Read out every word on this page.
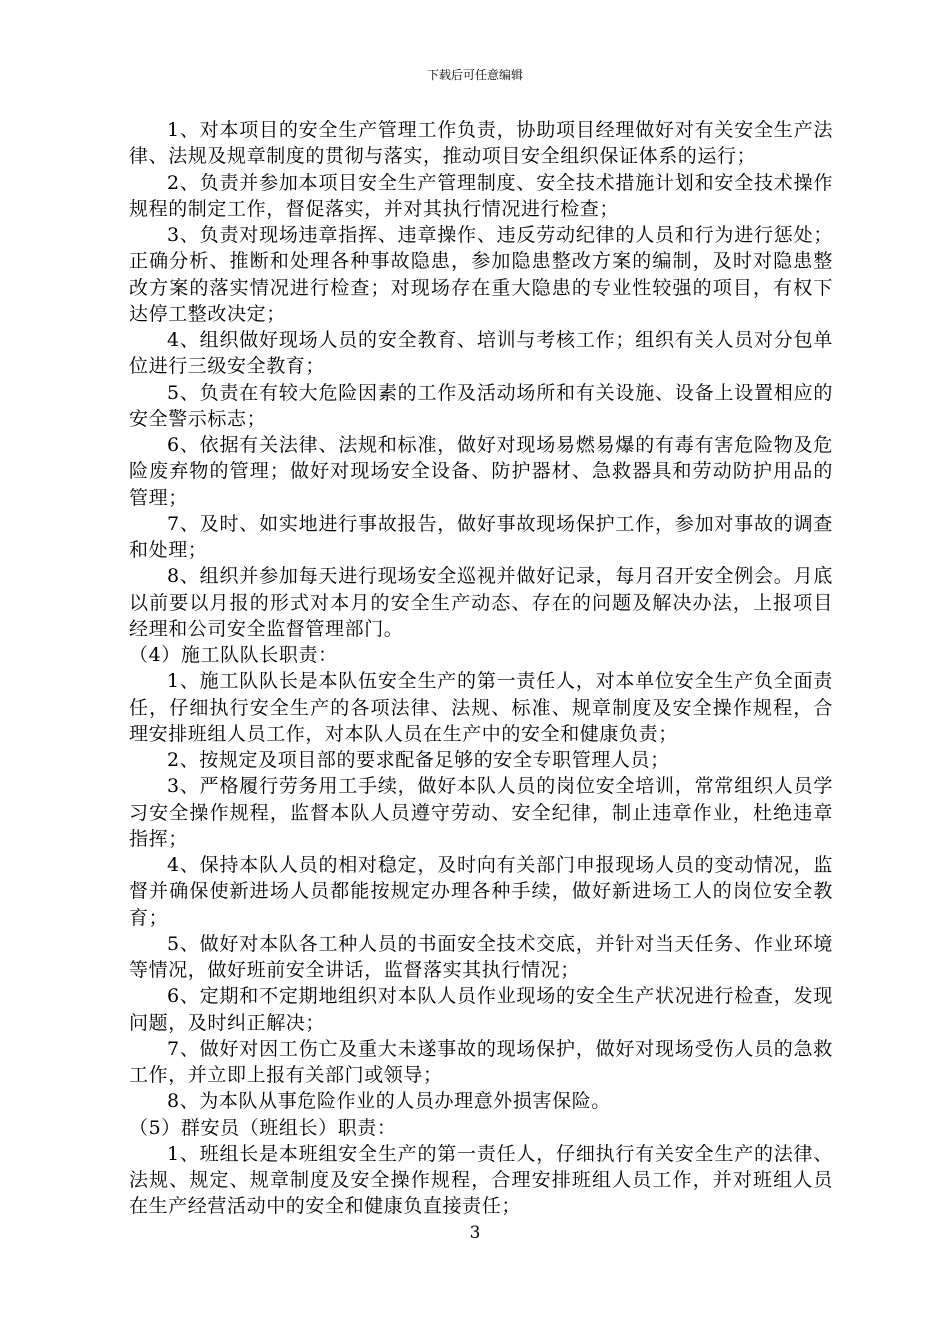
下载后可任意编辑

1、对本项目的安全生产管理工作负责，协助项目经理做好对有关安全生产法律、法规及规章制度的贯彻与落实，推动项目安全组织保证体系的运行；

2、负责并参加本项目安全生产管理制度、安全技术措施计划和安全技术操作规程的制定工作，督促落实，并对其执行情况进行检查；

3、负责对现场违章指挥、违章操作、违反劳动纪律的人员和行为进行惩处；正确分析、推断和处理各种事故隐患，参加隐患整改方案的编制，及时对隐患整改方案的落实情况进行检查；对现场存在重大隐患的专业性较强的项目，有权下达停工整改决定；

4、组织做好现场人员的安全教育、培训与考核工作；组织有关人员对分包单位进行三级安全教育；

5、负责在有较大危险因素的工作及活动场所和有关设施、设备上设置相应的安全警示标志；

6、依据有关法律、法规和标准，做好对现场易燃易爆的有毒有害危险物及危险废弃物的管理；做好对现场安全设备、防护器材、急救器具和劳动防护用品的管理；

7、及时、如实地进行事故报告，做好事故现场保护工作，参加对事故的调查和处理；

8、组织并参加每天进行现场安全巡视并做好记录，每月召开安全例会。月底以前要以月报的形式对本月的安全生产动态、存在的问题及解决办法，上报项目经理和公司安全监督管理部门。

（4）施工队队长职责：

1、施工队队长是本队伍安全生产的第一责任人，对本单位安全生产负全面责任，仔细执行安全生产的各项法律、法规、标准、规章制度及安全操作规程，合理安排班组人员工作，对本队人员在生产中的安全和健康负责；

2、按规定及项目部的要求配备足够的安全专职管理人员；

3、严格履行劳务用工手续，做好本队人员的岗位安全培训，常常组织人员学习安全操作规程，监督本队人员遵守劳动、安全纪律，制止违章作业，杜绝违章指挥；

4、保持本队人员的相对稳定，及时向有关部门申报现场人员的变动情况，监督并确保使新进场人员都能按规定办理各种手续，做好新进场工人的岗位安全教育；

5、做好对本队各工种人员的书面安全技术交底，并针对当天任务、作业环境等情况，做好班前安全讲话，监督落实其执行情况；

6、定期和不定期地组织对本队人员作业现场的安全生产状况进行检查，发现问题，及时纠正解决；

7、做好对因工伤亡及重大未遂事故的现场保护，做好对现场受伤人员的急救工作，并立即上报有关部门或领导；

8、为本队从事危险作业的人员办理意外损害保险。

（5）群安员（班组长）职责：

1、班组长是本班组安全生产的第一责任人，仔细执行有关安全生产的法律、法规、规定、规章制度及安全操作规程，合理安排班组人员工作，并对班组人员在生产经营活动中的安全和健康负直接责任；

3
